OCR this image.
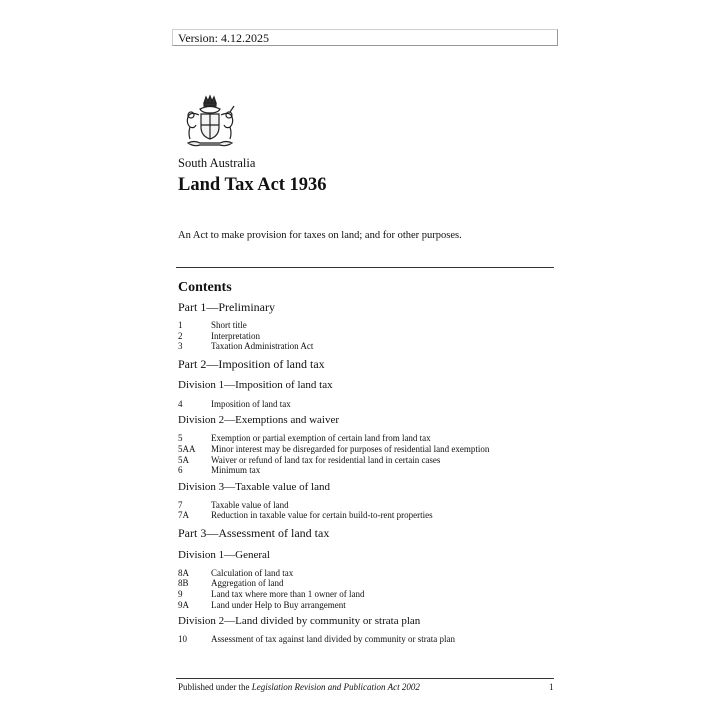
Version: 4.12.2025
South Australia
Land Tax Act 1936
An Act to make provision for taxes on land; and for other purposes.
Contents
Part 1—Preliminary
1	Short title
2	Interpretation
3	Taxation Administration Act
Part 2—Imposition of land tax
Division 1—Imposition of land tax
4	Imposition of land tax
Division 2—Exemptions and waiver
5	Exemption or partial exemption of certain land from land tax
5AA Minor interest may be disregarded for purposes of residential land exemption
5A Waiver or refund of land tax for residential land in certain cases
6	Minimum tax
Division 3—Taxable value of land
7	Taxable value of land
7A Reduction in taxable value for certain build-to-rent properties
Part 3—Assessment of land tax
Division 1—General
8A Calculation of land tax
8B Aggregation of land
9	Land tax where more than 1 owner of land
9A Land under Help to Buy arrangement
Division 2—Land divided by community or strata plan
10	Assessment of tax against land divided by community or strata plan
Published under the Legislation Revision and Publication Act 2002	1
